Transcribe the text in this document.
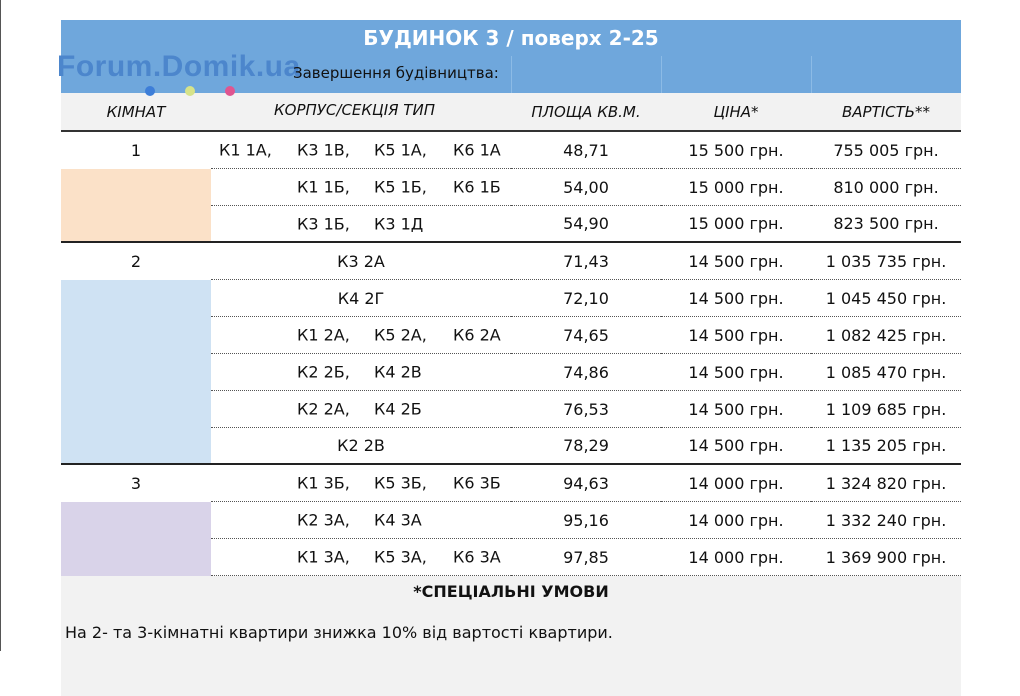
БУДИНОК 3 / поверх 2-25
Forum.Domik.ua
Завершення будівництва:
КІМНАТ	КОРПУС/СЕКЦІЯ ТИП	ПЛОЩА КВ.М.	ЦІНА*	ВАРТІСТЬ**
1	К1 1А, К3 1В, К5 1А, К6 1А	48,71	15 500 грн.	755 005 грн.
К1 1Б, К5 1Б, К6 1Б	54,00	15 000 грн.	810 000 грн.
К3 1Б, К3 1Д	54,90	15 000 грн.	823 500 грн.
2	К3 2А	71,43	14 500 грн.	1 035 735 грн.
К4 2Г	72,10	14 500 грн.	1 045 450 грн.
К1 2А, К5 2А, К6 2А	74,65	14 500 грн.	1 082 425 грн.
К2 2Б, К4 2В	74,86	14 500 грн.	1 085 470 грн.
К2 2А, К4 2Б	76,53	14 500 грн.	1 109 685 грн.
К2 2В	78,29	14 500 грн.	1 135 205 грн.
3	К1 3Б, К5 3Б, К6 3Б	94,63	14 000 грн.	1 324 820 грн.
К2 3А, К4 3А	95,16	14 000 грн.	1 332 240 грн.
К1 3А, К5 3А, К6 3А	97,85	14 000 грн.	1 369 900 грн.
*СПЕЦІАЛЬНІ УМОВИ
На 2- та 3-кімнатні квартири знижка 10% від вартості квартири.
